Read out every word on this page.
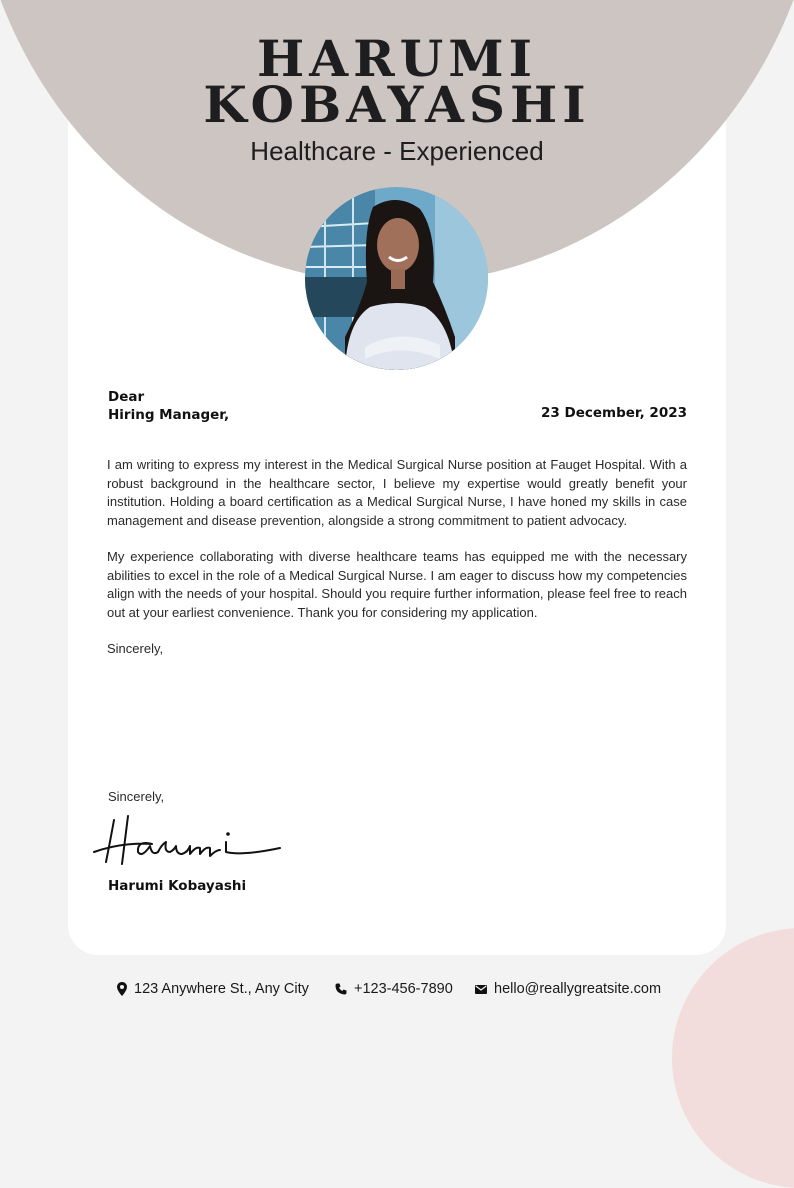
HARUMI
KOBAYASHI
Healthcare - Experienced
Dear
Hiring Manager,	23 December, 2023

I am writing to express my interest in the Medical Surgical Nurse position at Fauget Hospital. With a robust background in the healthcare sector, I believe my expertise would greatly benefit your institution. Holding a board certification as a Medical Surgical Nurse, I have honed my skills in case management and disease prevention, alongside a strong commitment to patient advocacy.

My experience collaborating with diverse healthcare teams has equipped me with the necessary abilities to excel in the role of a Medical Surgical Nurse. I am eager to discuss how my competencies align with the needs of your hospital. Should you require further information, please feel free to reach out at your earliest convenience. Thank you for considering my application.

Sincerely,

Sincerely,
Harumi Kobayashi
123 Anywhere St., Any City	+123-456-7890	hello@reallygreatsite.com
